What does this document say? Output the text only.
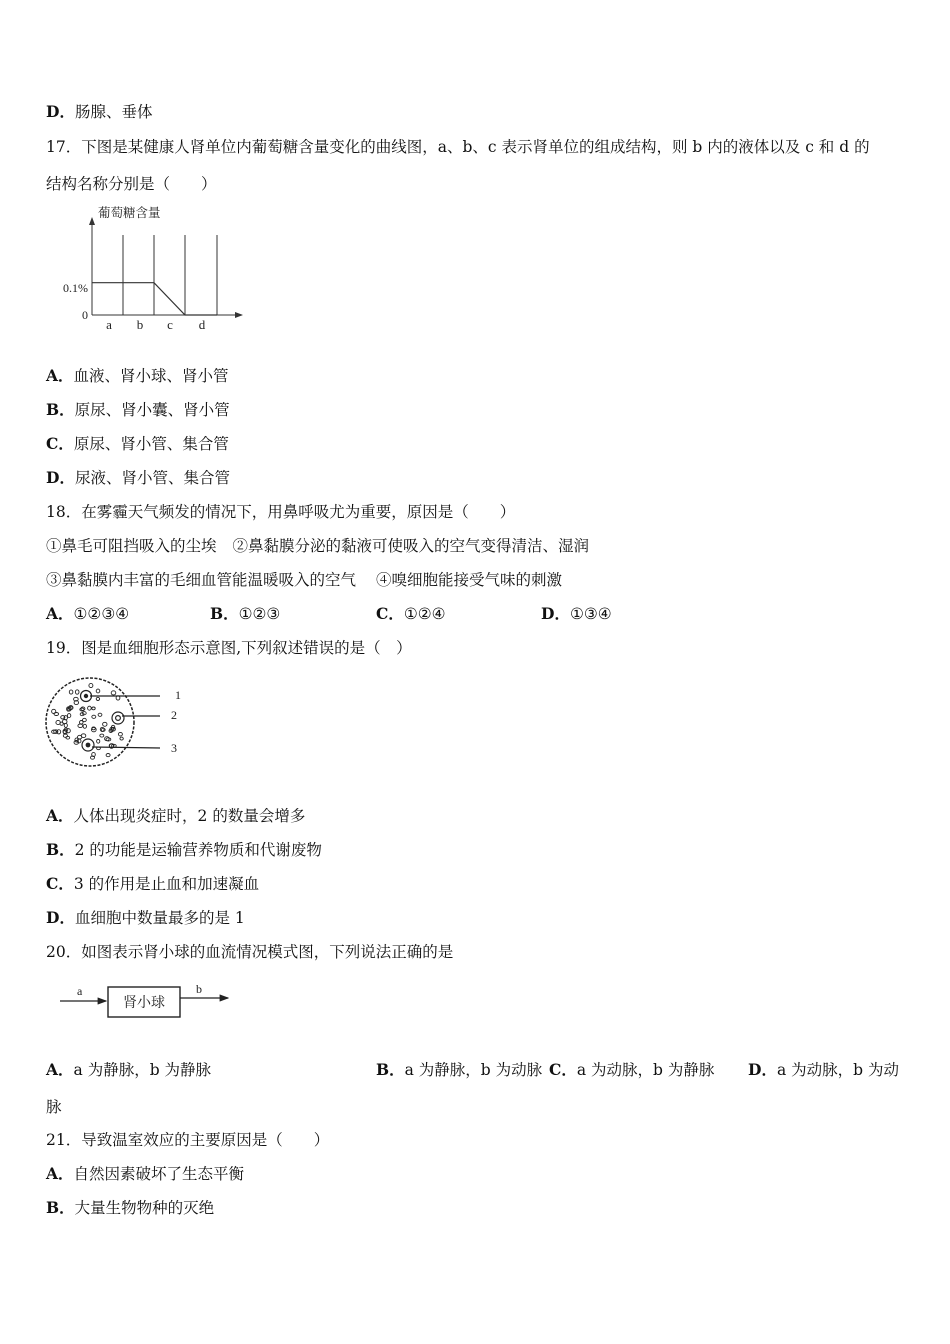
D．肠腺、垂体
17．下图是某健康人肾单位内葡萄糖含量变化的曲线图，a、b、c 表示肾单位的组成结构，则 b 内的液体以及 c 和 d 的
结构名称分别是（　　）
葡萄糖含量
0
0.1%
a b c d
A．血液、肾小球、肾小管
B．原尿、肾小囊、肾小管
C．原尿、肾小管、集合管
D．尿液、肾小管、集合管
18．在雾霾天气频发的情况下，用鼻呼吸尤为重要，原因是（　　）
①鼻毛可阻挡吸入的尘埃 ②鼻黏膜分泌的黏液可使吸入的空气变得清洁、湿润
③鼻黏膜内丰富的毛细血管能温暖吸入的空气 ④嗅细胞能接受气味的刺激
A．①②③④	B．①②③	C．①②④	D．①③④
19．图是血细胞形态示意图,下列叙述错误的是（　）
1
2
3
A．人体出现炎症时，2 的数量会增多
B．2 的功能是运输营养物质和代谢废物
C．3 的作用是止血和加速凝血
D．血细胞中数量最多的是 1
20．如图表示肾小球的血流情况模式图，下列说法正确的是
a
肾小球
b
A．a 为静脉，b 为静脉	B．a 为静脉，b 为动脉 C．a 为动脉，b 为静脉 D．a 为动脉，b 为动
脉
21．导致温室效应的主要原因是（　　）
A．自然因素破坏了生态平衡
B．大量生物物种的灭绝
